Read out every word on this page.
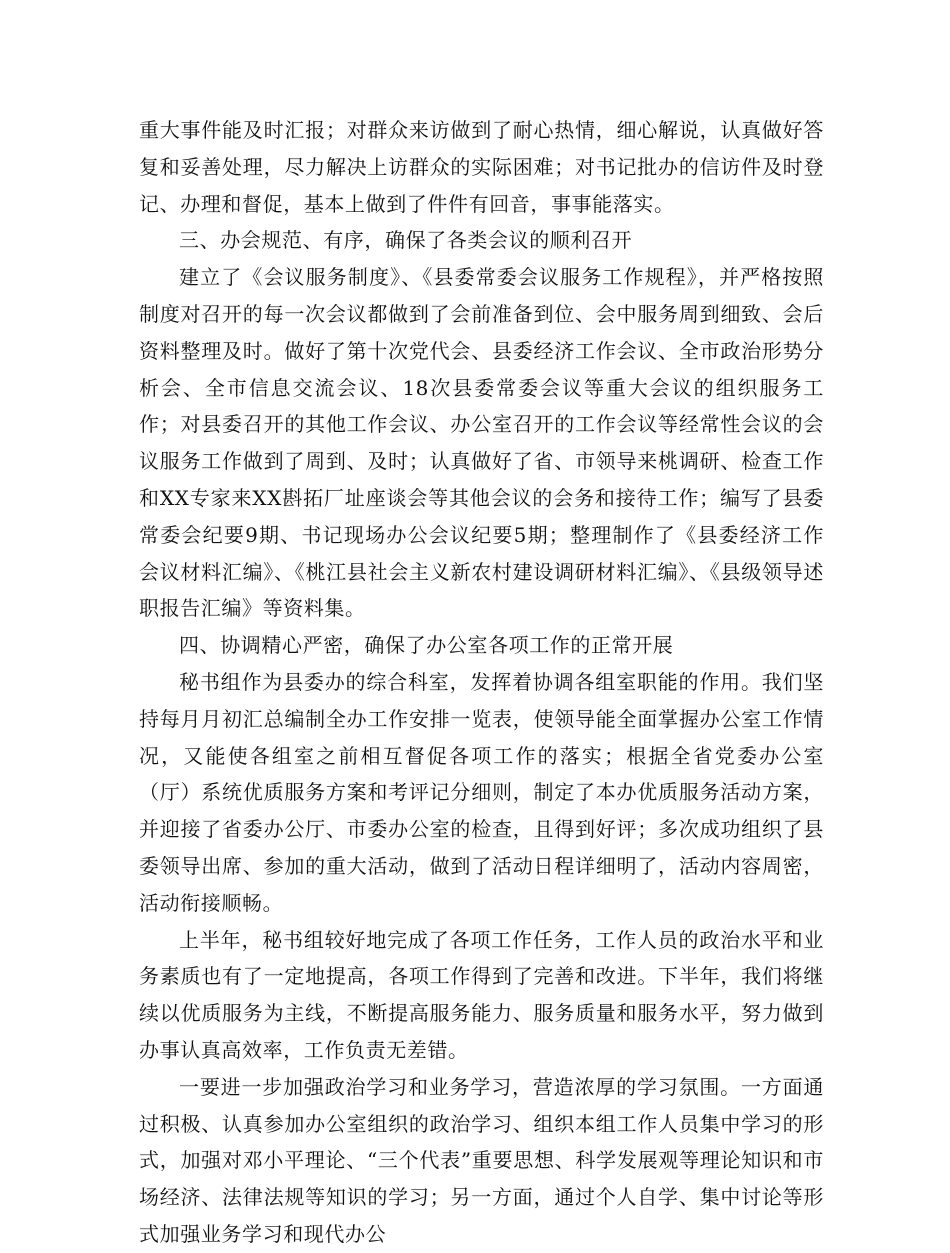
重大事件能及时汇报；对群众来访做到了耐心热情，细心解说，认真做好答复和妥善处理，尽力解决上访群众的实际困难；对书记批办的信访件及时登记、办理和督促，基本上做到了件件有回音，事事能落实。

三、办会规范、有序，确保了各类会议的顺利召开

建立了《会议服务制度》、《县委常委会议服务工作规程》，并严格按照制度对召开的每一次会议都做到了会前准备到位、会中服务周到细致、会后资料整理及时。做好了第十次党代会、县委经济工作会议、全市政治形势分析会、全市信息交流会议、18次县委常委会议等重大会议的组织服务工作；对县委召开的其他工作会议、办公室召开的工作会议等经常性会议的会议服务工作做到了周到、及时；认真做好了省、市领导来桃调研、检查工作和XX专家来XX斟拓厂址座谈会等其他会议的会务和接待工作；编写了县委常委会纪要9期、书记现场办公会议纪要5期；整理制作了《县委经济工作会议材料汇编》、《桃江县社会主义新农村建设调研材料汇编》、《县级领导述职报告汇编》等资料集。

四、协调精心严密，确保了办公室各项工作的正常开展

秘书组作为县委办的综合科室，发挥着协调各组室职能的作用。我们坚持每月月初汇总编制全办工作安排一览表，使领导能全面掌握办公室工作情况，又能使各组室之前相互督促各项工作的落实；根据全省党委办公室（厅）系统优质服务方案和考评记分细则，制定了本办优质服务活动方案，并迎接了省委办公厅、市委办公室的检查，且得到好评；多次成功组织了县委领导出席、参加的重大活动，做到了活动日程详细明了，活动内容周密，活动衔接顺畅。

上半年，秘书组较好地完成了各项工作任务，工作人员的政治水平和业务素质也有了一定地提高，各项工作得到了完善和改进。下半年，我们将继续以优质服务为主线，不断提高服务能力、服务质量和服务水平，努力做到办事认真高效率，工作负责无差错。

一要进一步加强政治学习和业务学习，营造浓厚的学习氛围。一方面通过积极、认真参加办公室组织的政治学习、组织本组工作人员集中学习的形式，加强对邓小平理论、“三个代表”重要思想、科学发展观等理论知识和市场经济、法律法规等知识的学习；另一方面，通过个人自学、集中讨论等形式加强业务学习和现代办公
